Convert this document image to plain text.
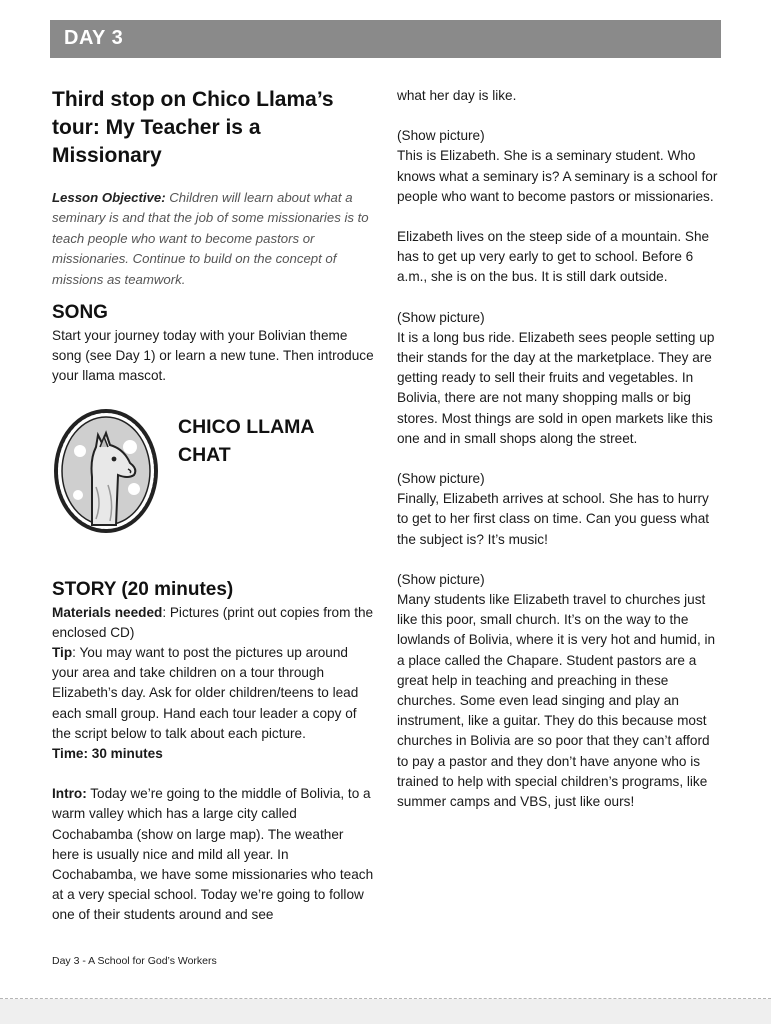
DAY 3
Third stop on Chico Llama’s tour: My Teacher is a Missionary
Lesson Objective: Children will learn about what a seminary is and that the job of some missionaries is to teach people who want to become pastors or missionaries. Continue to build on the concept of missions as teamwork.
SONG

Start your journey today with your Bolivian theme song (see Day 1) or learn a new tune. Then introduce your llama mascot.

CHICO LLAMA CHAT
STORY (20 minutes)

Materials needed: Pictures (print out copies from the enclosed CD)

Tip: You may want to post the pictures up around your area and take children on a tour through Elizabeth’s day. Ask for older children/teens to lead each small group. Hand each tour leader a copy of the script below to talk about each picture.

Time: 30 minutes

Intro: Today we’re going to the middle of Bolivia, to a warm valley which has a large city called Cochabamba (show on large map). The weather here is usually nice and mild all year. In Cochabamba, we have some missionaries who teach at a very special school. Today we’re going to follow one of their students around and see

what her day is like.

(Show picture)

This is Elizabeth. She is a seminary student. Who knows what a seminary is? A seminary is a school for people who want to become pastors or missionaries.

Elizabeth lives on the steep side of a mountain. She has to get up very early to get to school. Before 6 a.m., she is on the bus. It is still dark outside.

(Show picture)

It is a long bus ride. Elizabeth sees people setting up their stands for the day at the marketplace. They are getting ready to sell their fruits and vegetables. In Bolivia, there are not many shopping malls or big stores. Most things are sold in open markets like this one and in small shops along the street.

(Show picture)

Finally, Elizabeth arrives at school. She has to hurry to get to her first class on time. Can you guess what the subject is? It’s music!

(Show picture)

Many students like Elizabeth travel to churches just like this poor, small church. It’s on the way to the lowlands of Bolivia, where it is very hot and humid, in a place called the Chapare. Student pastors are a great help in teaching and preaching in these churches. Some even lead singing and play an instrument, like a guitar. They do this because most churches in Bolivia are so poor that they can’t afford to pay a pastor and they don’t have anyone who is trained to help with special children’s programs, like summer camps and VBS, just like ours!

Day 3 - A School for God’s Workers
